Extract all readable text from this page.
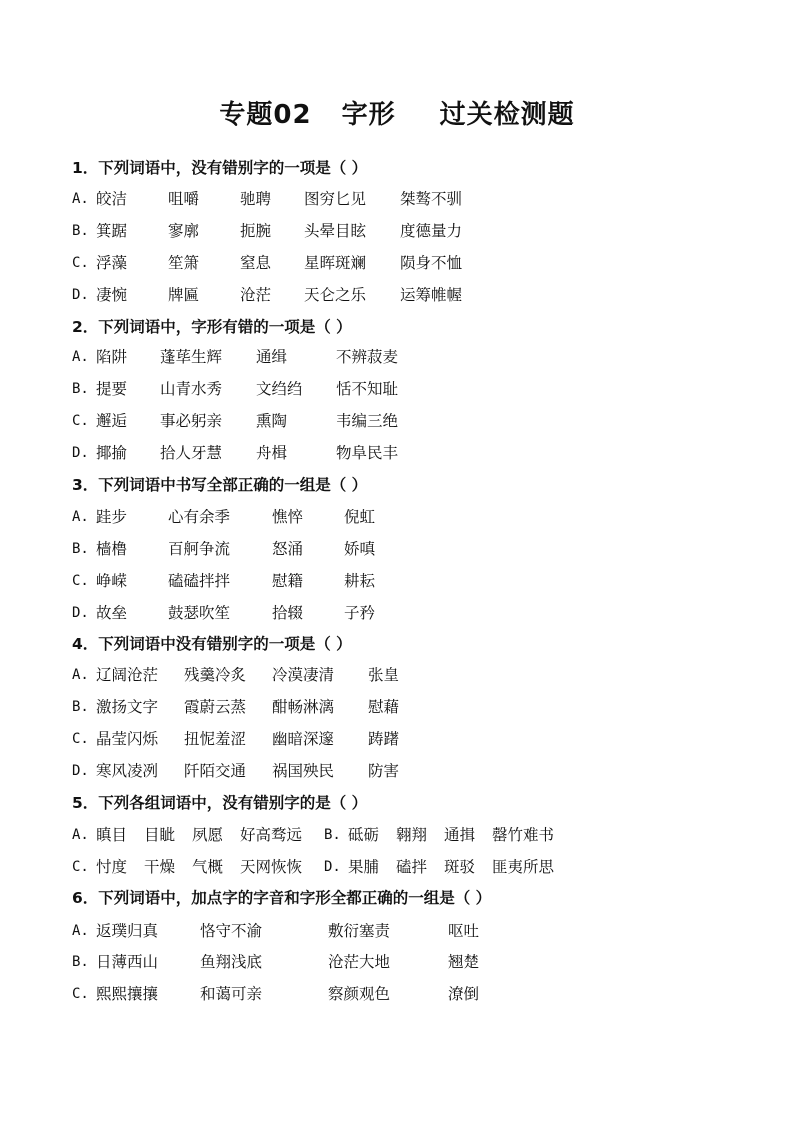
专题02 字形 过关检测题
1．下列词语中，没有错别字的一项是（ ）
A. 皎洁	咀嚼	驰聘 图穷匕见 桀骜不驯
B. 箕踞	寥廓	扼腕 头晕目眩 度德量力
C. 浮藻	笙箫	窒息 星晖斑斓 陨身不恤
D. 凄惋	牌匾	沧茫 天仑之乐 运筹帷幄
2．下列词语中，字形有错的一项是（ ）
A. 陷阱 蓬荜生辉 通缉	不辨菽麦
B. 提要 山青水秀 文绉绉 恬不知耻
C. 邂逅 事必躬亲 熏陶	韦编三绝
D. 揶揄 拾人牙慧 舟楫	物阜民丰
3．下列词语中书写全部正确的一组是（ ）
A. 跬步	心有余季	憔悴	倪虹
B. 樯橹	百舸争流	怒涌	娇嗔
C. 峥嵘	磕磕拌拌	慰籍	耕耘
D. 故垒	鼓瑟吹笙	拾辍	子矜
4．下列词语中没有错别字的一项是（ ）
A. 辽阔沧茫 残羹冷炙 冷漠凄清 张皇
B. 激扬文字 霞蔚云蒸 酣畅淋漓 慰藉
C. 晶莹闪烁 扭怩羞涩 幽暗深邃 踌躇
D. 寒风凌冽 阡陌交通 祸国殃民 防害
5．下列各组词语中，没有错别字的是（ ）
A. 瞋目 目眦 夙愿 好高骛远 B. 砥砺 翱翔 通揖 罄竹难书
C. 忖度 干燥 气概 天网恢恢 D. 果脯 磕拌 斑驳 匪夷所思
6．下列词语中，加点字的字音和字形全都正确的一组是（ ）
A. 返璞归真	恪守不渝	敷衍塞责	呕吐
B. 日薄西山	鱼翔浅底	沧茫大地	翘楚
C. 熙熙攘攘	和蔼可亲	察颜观色	潦倒
